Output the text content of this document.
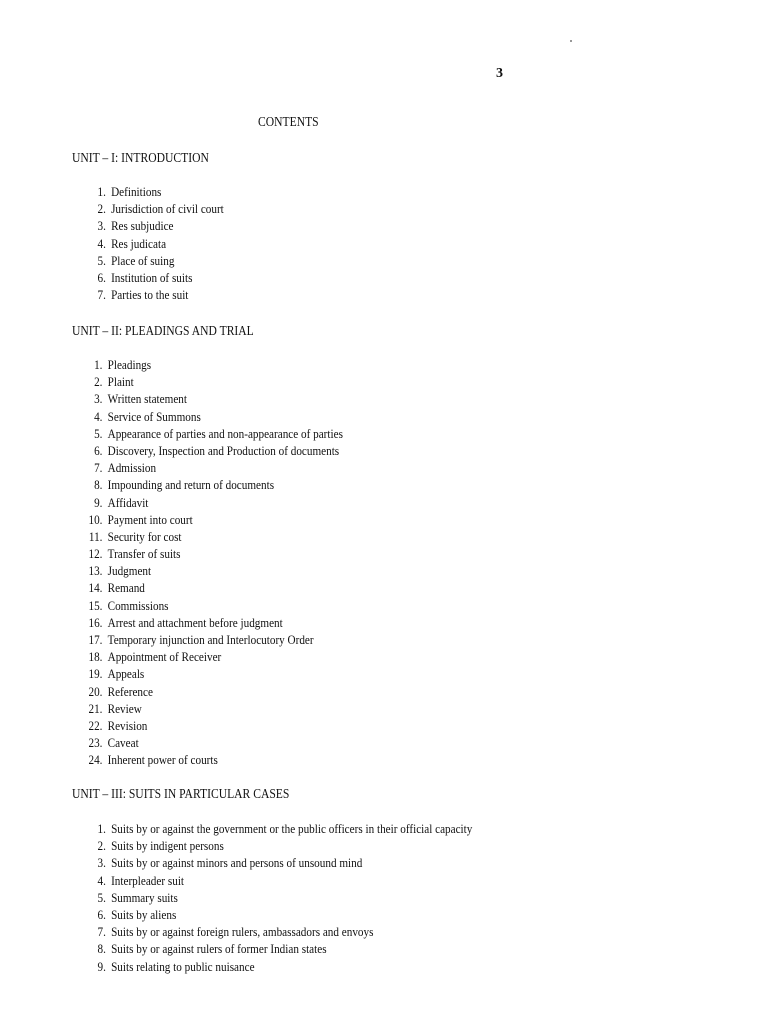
3
CONTENTS
UNIT – I: INTRODUCTION
1. Definitions
2. Jurisdiction of civil court
3. Res subjudice
4. Res judicata
5. Place of suing
6. Institution of suits
7. Parties to the suit
UNIT – II: PLEADINGS AND TRIAL
1. Pleadings
2. Plaint
3. Written statement
4. Service of Summons
5. Appearance of parties and non-appearance of parties
6. Discovery, Inspection and Production of documents
7. Admission
8. Impounding and return of documents
9. Affidavit
10. Payment into court
11. Security for cost
12. Transfer of suits
13. Judgment
14. Remand
15. Commissions
16. Arrest and attachment before judgment
17. Temporary injunction and Interlocutory Order
18. Appointment of Receiver
19. Appeals
20. Reference
21. Review
22. Revision
23. Caveat
24. Inherent power of courts
UNIT – III: SUITS IN PARTICULAR CASES
1. Suits by or against the government or the public officers in their official capacity
2. Suits by indigent persons
3. Suits by or against minors and persons of unsound mind
4. Interpleader suit
5. Summary suits
6. Suits by aliens
7. Suits by or against foreign rulers, ambassadors and envoys
8. Suits by or against rulers of former Indian states
9. Suits relating to public nuisance
